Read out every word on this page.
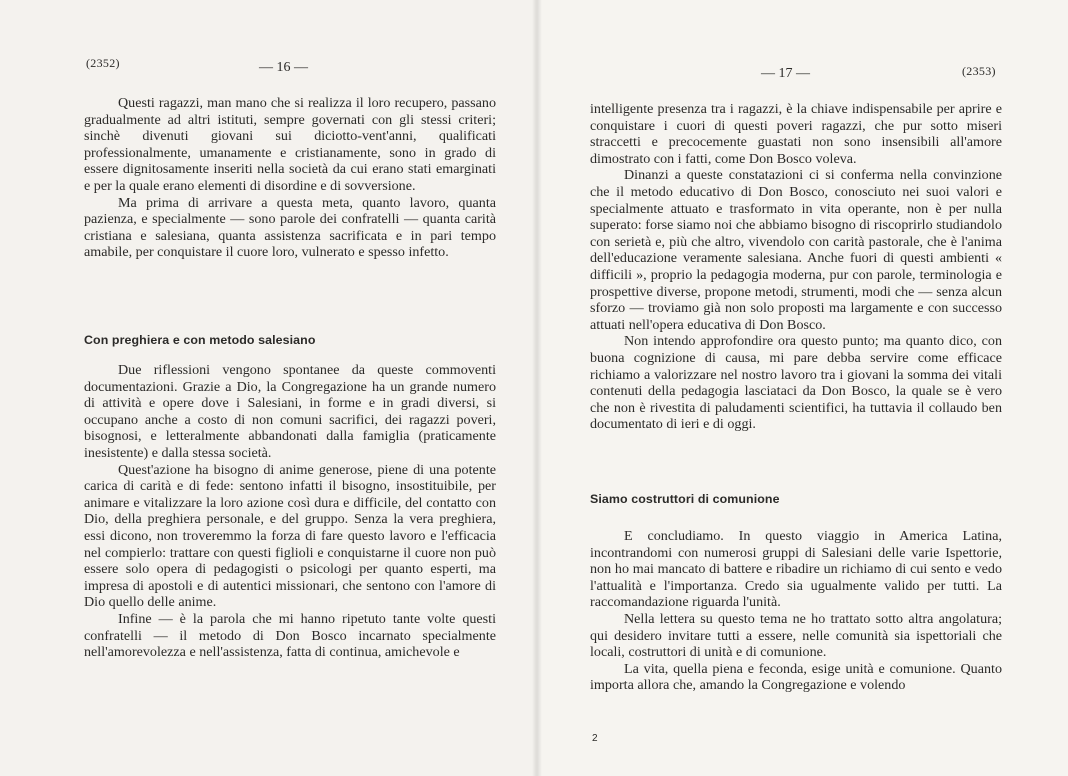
(2352)	— 16 —

Questi ragazzi, man mano che si realizza il loro recupero, passano gradualmente ad altri istituti, sempre governati con gli stessi criteri; sinchè divenuti giovani sui diciotto-vent'anni, qualificati professionalmente, umanamente e cristianamente, sono in grado di essere dignitosamente inseriti nella società da cui erano stati emarginati e per la quale erano elementi di disordine e di sovversione.

Ma prima di arrivare a questa meta, quanto lavoro, quanta pazienza, e specialmente — sono parole dei confratelli — quanta carità cristiana e salesiana, quanta assistenza sacrificata e in pari tempo amabile, per conquistare il cuore loro, vulnerato e spesso infetto.

Con preghiera e con metodo salesiano

Due riflessioni vengono spontanee da queste commoventi documentazioni. Grazie a Dio, la Congregazione ha un grande numero di attività e opere dove i Salesiani, in forme e in gradi diversi, si occupano anche a costo di non comuni sacrifici, dei ragazzi poveri, bisognosi, e letteralmente abbandonati dalla famiglia (praticamente inesistente) e dalla stessa società.

Quest'azione ha bisogno di anime generose, piene di una potente carica di carità e di fede: sentono infatti il bisogno, insostituibile, per animare e vitalizzare la loro azione così dura e difficile, del contatto con Dio, della preghiera personale, e del gruppo. Senza la vera preghiera, essi dicono, non troveremmo la forza di fare questo lavoro e l'efficacia nel compierlo: trattare con questi figlioli e conquistarne il cuore non può essere solo opera di pedagogisti o psicologi per quanto esperti, ma impresa di apostoli e di autentici missionari, che sentono con l'amore di Dio quello delle anime.

Infine — è la parola che mi hanno ripetuto tante volte questi confratelli — il metodo di Don Bosco incarnato specialmente nell'amorevolezza e nell'assistenza, fatta di continua, amichevole e

— 17 —	(2353)

intelligente presenza tra i ragazzi, è la chiave indispensabile per aprire e conquistare i cuori di questi poveri ragazzi, che pur sotto miseri straccetti e precocemente guastati non sono insensibili all'amore dimostrato con i fatti, come Don Bosco voleva.

Dinanzi a queste constatazioni ci si conferma nella convinzione che il metodo educativo di Don Bosco, conosciuto nei suoi valori e specialmente attuato e trasformato in vita operante, non è per nulla superato: forse siamo noi che abbiamo bisogno di riscoprirlo studiandolo con serietà e, più che altro, vivendolo con carità pastorale, che è l'anima dell'educazione veramente salesiana. Anche fuori di questi ambienti « difficili », proprio la pedagogia moderna, pur con parole, terminologia e prospettive diverse, propone metodi, strumenti, modi che — senza alcun sforzo — troviamo già non solo proposti ma largamente e con successo attuati nell'opera educativa di Don Bosco.

Non intendo approfondire ora questo punto; ma quanto dico, con buona cognizione di causa, mi pare debba servire come efficace richiamo a valorizzare nel nostro lavoro tra i giovani la somma dei vitali contenuti della pedagogia lasciataci da Don Bosco, la quale se è vero che non è rivestita di paludamenti scientifici, ha tuttavia il collaudo ben documentato di ieri e di oggi.

Siamo costruttori di comunione

E concludiamo. In questo viaggio in America Latina, incontrandomi con numerosi gruppi di Salesiani delle varie Ispettorie, non ho mai mancato di battere e ribadire un richiamo di cui sento e vedo l'attualità e l'importanza. Credo sia ugualmente valido per tutti. La raccomandazione riguarda l'unità.

Nella lettera su questo tema ne ho trattato sotto altra angolatura; qui desidero invitare tutti a essere, nelle comunità sia ispettoriali che locali, costruttori di unità e di comunione.

La vita, quella piena e feconda, esige unità e comunione. Quanto importa allora che, amando la Congregazione e volendo

2
